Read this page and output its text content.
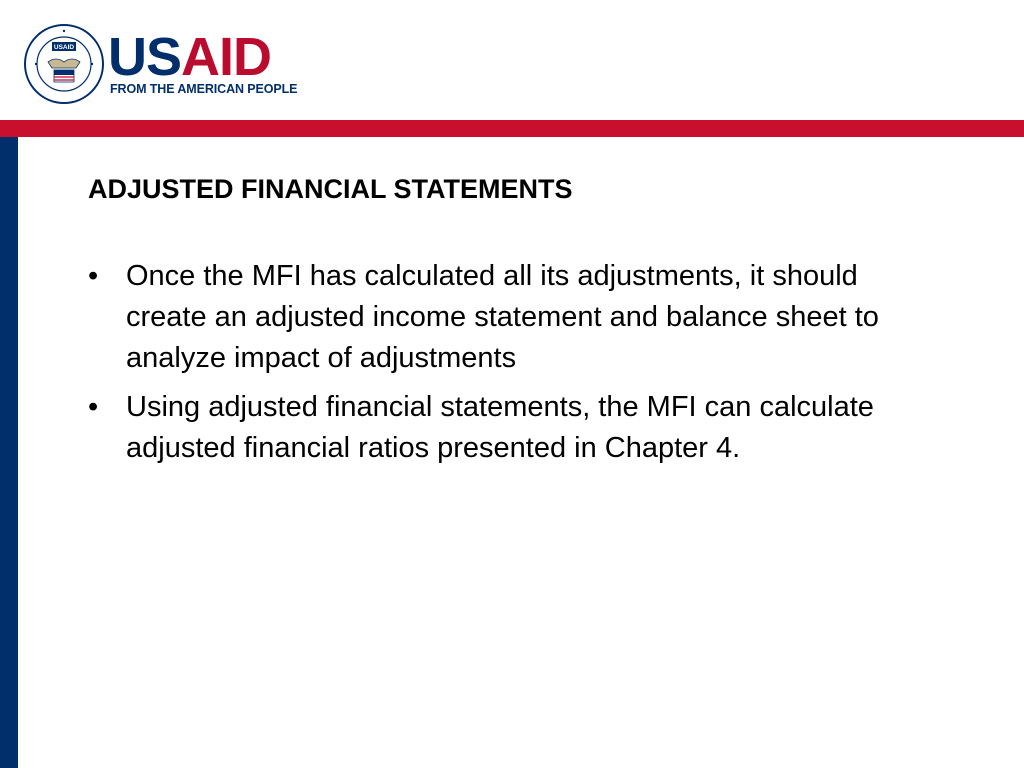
USAID USAID
FROM THE AMERICAN PEOPLE
ADJUSTED FINANCIAL STATEMENTS
• Once the MFI has calculated all its adjustments, it should create an adjusted income statement and balance sheet to analyze impact of adjustments
• Using adjusted financial statements, the MFI can calculate adjusted financial ratios presented in Chapter 4.
